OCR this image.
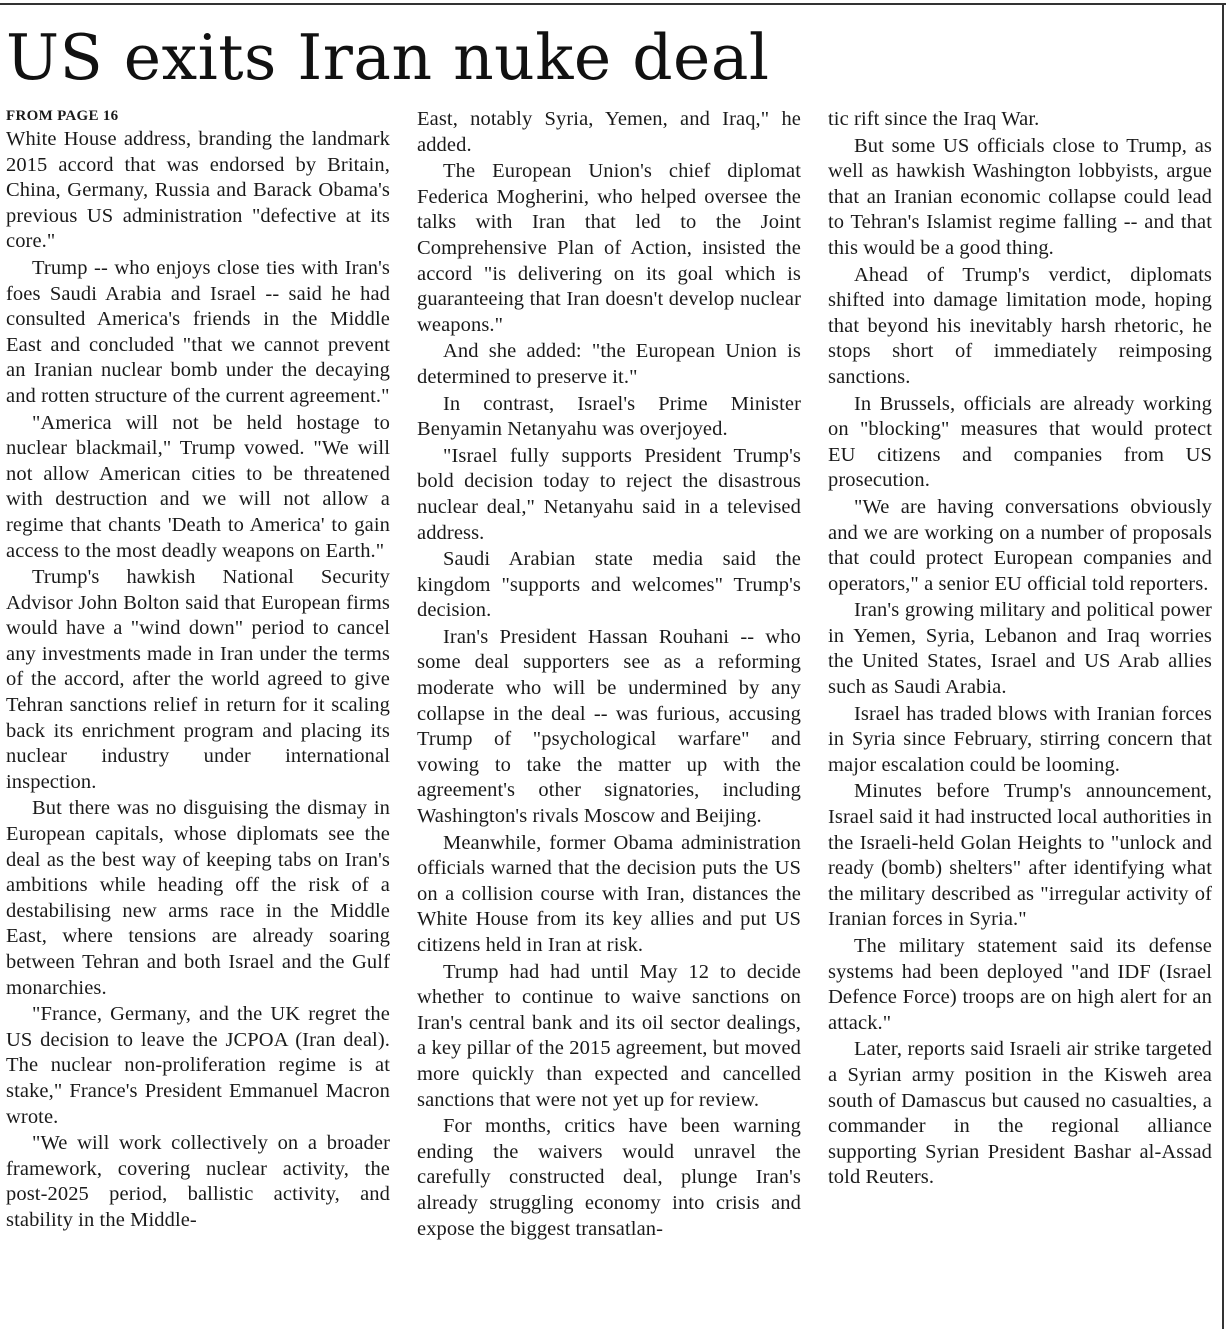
US exits Iran nuke deal
FROM PAGE 16

White House address, branding the landmark 2015 accord that was endorsed by Britain, China, Germany, Russia and Barack Obama's previous US administration "defective at its core."

Trump -- who enjoys close ties with Iran's foes Saudi Arabia and Israel -- said he had consulted America's friends in the Middle East and concluded "that we cannot prevent an Iranian nuclear bomb under the decaying and rotten structure of the current agreement."

"America will not be held hostage to nuclear blackmail," Trump vowed. "We will not allow American cities to be threatened with destruction and we will not allow a regime that chants 'Death to America' to gain access to the most deadly weapons on Earth."

Trump's hawkish National Security Advisor John Bolton said that European firms would have a "wind down" period to cancel any investments made in Iran under the terms of the accord, after the world agreed to give Tehran sanctions relief in return for it scaling back its enrichment program and placing its nuclear industry under international inspection.

But there was no disguising the dismay in European capitals, whose diplomats see the deal as the best way of keeping tabs on Iran's ambitions while heading off the risk of a destabilising new arms race in the Middle East, where tensions are already soaring between Tehran and both Israel and the Gulf monarchies.

"France, Germany, and the UK regret the US decision to leave the JCPOA (Iran deal). The nuclear non-proliferation regime is at stake," France's President Emmanuel Macron wrote.

"We will work collectively on a broader framework, covering nuclear activity, the post-2025 period, ballistic activity, and stability in the Middle-

East, notably Syria, Yemen, and Iraq," he added.

The European Union's chief diplomat Federica Mogherini, who helped oversee the talks with Iran that led to the Joint Comprehensive Plan of Action, insisted the accord "is delivering on its goal which is guaranteeing that Iran doesn't develop nuclear weapons."

And she added: "the European Union is determined to preserve it."

In contrast, Israel's Prime Minister Benyamin Netanyahu was overjoyed.

"Israel fully supports President Trump's bold decision today to reject the disastrous nuclear deal," Netanyahu said in a televised address.

Saudi Arabian state media said the kingdom "supports and welcomes" Trump's decision.

Iran's President Hassan Rouhani -- who some deal supporters see as a reforming moderate who will be undermined by any collapse in the deal -- was furious, accusing Trump of "psychological warfare" and vowing to take the matter up with the agreement's other signatories, including Washington's rivals Moscow and Beijing.

Meanwhile, former Obama administration officials warned that the decision puts the US on a collision course with Iran, distances the White House from its key allies and put US citizens held in Iran at risk.

Trump had had until May 12 to decide whether to continue to waive sanctions on Iran's central bank and its oil sector dealings, a key pillar of the 2015 agreement, but moved more quickly than expected and cancelled sanctions that were not yet up for review.

For months, critics have been warning ending the waivers would unravel the carefully constructed deal, plunge Iran's already struggling economy into crisis and expose the biggest transatlan-

tic rift since the Iraq War.

But some US officials close to Trump, as well as hawkish Washington lobbyists, argue that an Iranian economic collapse could lead to Tehran's Islamist regime falling -- and that this would be a good thing.

Ahead of Trump's verdict, diplomats shifted into damage limitation mode, hoping that beyond his inevitably harsh rhetoric, he stops short of immediately reimposing sanctions.

In Brussels, officials are already working on "blocking" measures that would protect EU citizens and companies from US prosecution.

"We are having conversations obviously and we are working on a number of proposals that could protect European companies and operators," a senior EU official told reporters.

Iran's growing military and political power in Yemen, Syria, Lebanon and Iraq worries the United States, Israel and US Arab allies such as Saudi Arabia.

Israel has traded blows with Iranian forces in Syria since February, stirring concern that major escalation could be looming.

Minutes before Trump's announcement, Israel said it had instructed local authorities in the Israeli-held Golan Heights to "unlock and ready (bomb) shelters" after identifying what the military described as "irregular activity of Iranian forces in Syria."

The military statement said its defense systems had been deployed "and IDF (Israel Defence Force) troops are on high alert for an attack."

Later, reports said Israeli air strike targeted a Syrian army position in the Kisweh area south of Damascus but caused no casualties, a commander in the regional alliance supporting Syrian President Bashar al-Assad told Reuters.
